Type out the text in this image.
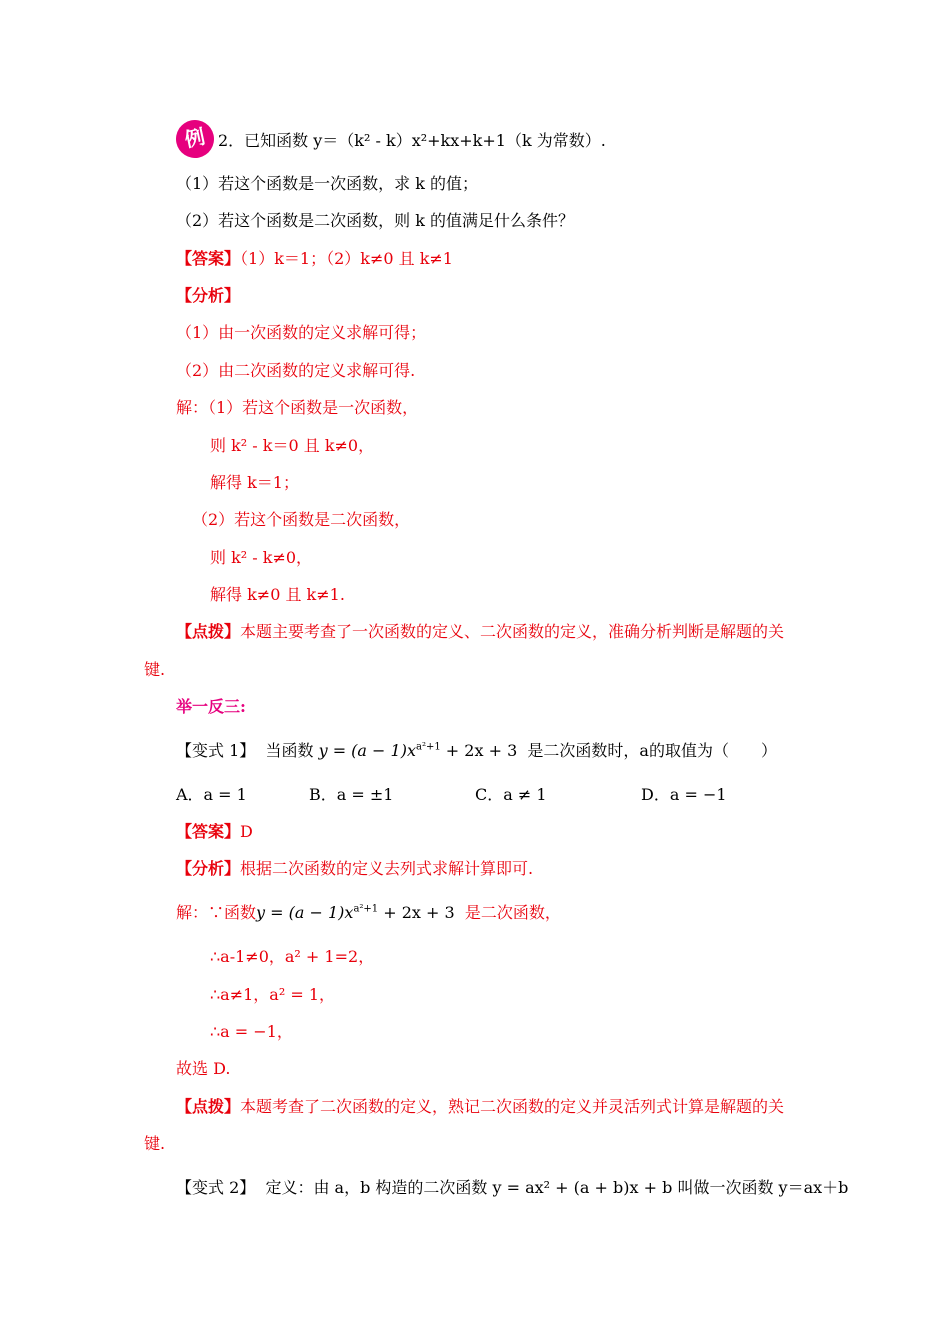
例 2．已知函数 y＝（k² - k）x²+kx+k+1（k 为常数）.
（1）若这个函数是一次函数，求 k 的值；
（2）若这个函数是二次函数，则 k 的值满足什么条件？
【答案】（1）k＝1；（2）k≠0 且 k≠1
【分析】
（1）由一次函数的定义求解可得；
（2）由二次函数的定义求解可得.
解：（1）若这个函数是一次函数，
则 k² - k＝0 且 k≠0，
解得 k＝1；
（2）若这个函数是二次函数，
则 k² - k≠0，
解得 k≠0 且 k≠1.
【点拨】本题主要考查了一次函数的定义、二次函数的定义，准确分析判断是解题的关
键.
举一反三:
【变式 1】 当函数 $y = (a - 1)x^{a^2+1} + 2x + 3$ 是二次函数时，a的取值为（　　）
A．a = 1	B．a = ±1	C．a ≠ 1	D．a = −1
【答案】D
【分析】根据二次函数的定义去列式求解计算即可.
解：∵函数$y = (a - 1)x^{a^2+1} + 2x + 3$ 是二次函数，
∴a-1≠0，a² + 1=2，
∴a≠1，a² = 1，
∴a = −1，
故选 D.
【点拨】本题考查了二次函数的定义，熟记二次函数的定义并灵活列式计算是解题的关
键.
【变式 2】 定义：由 a，b 构造的二次函数 y = ax² + (a + b)x + b 叫做一次函数 y＝ax＋b
